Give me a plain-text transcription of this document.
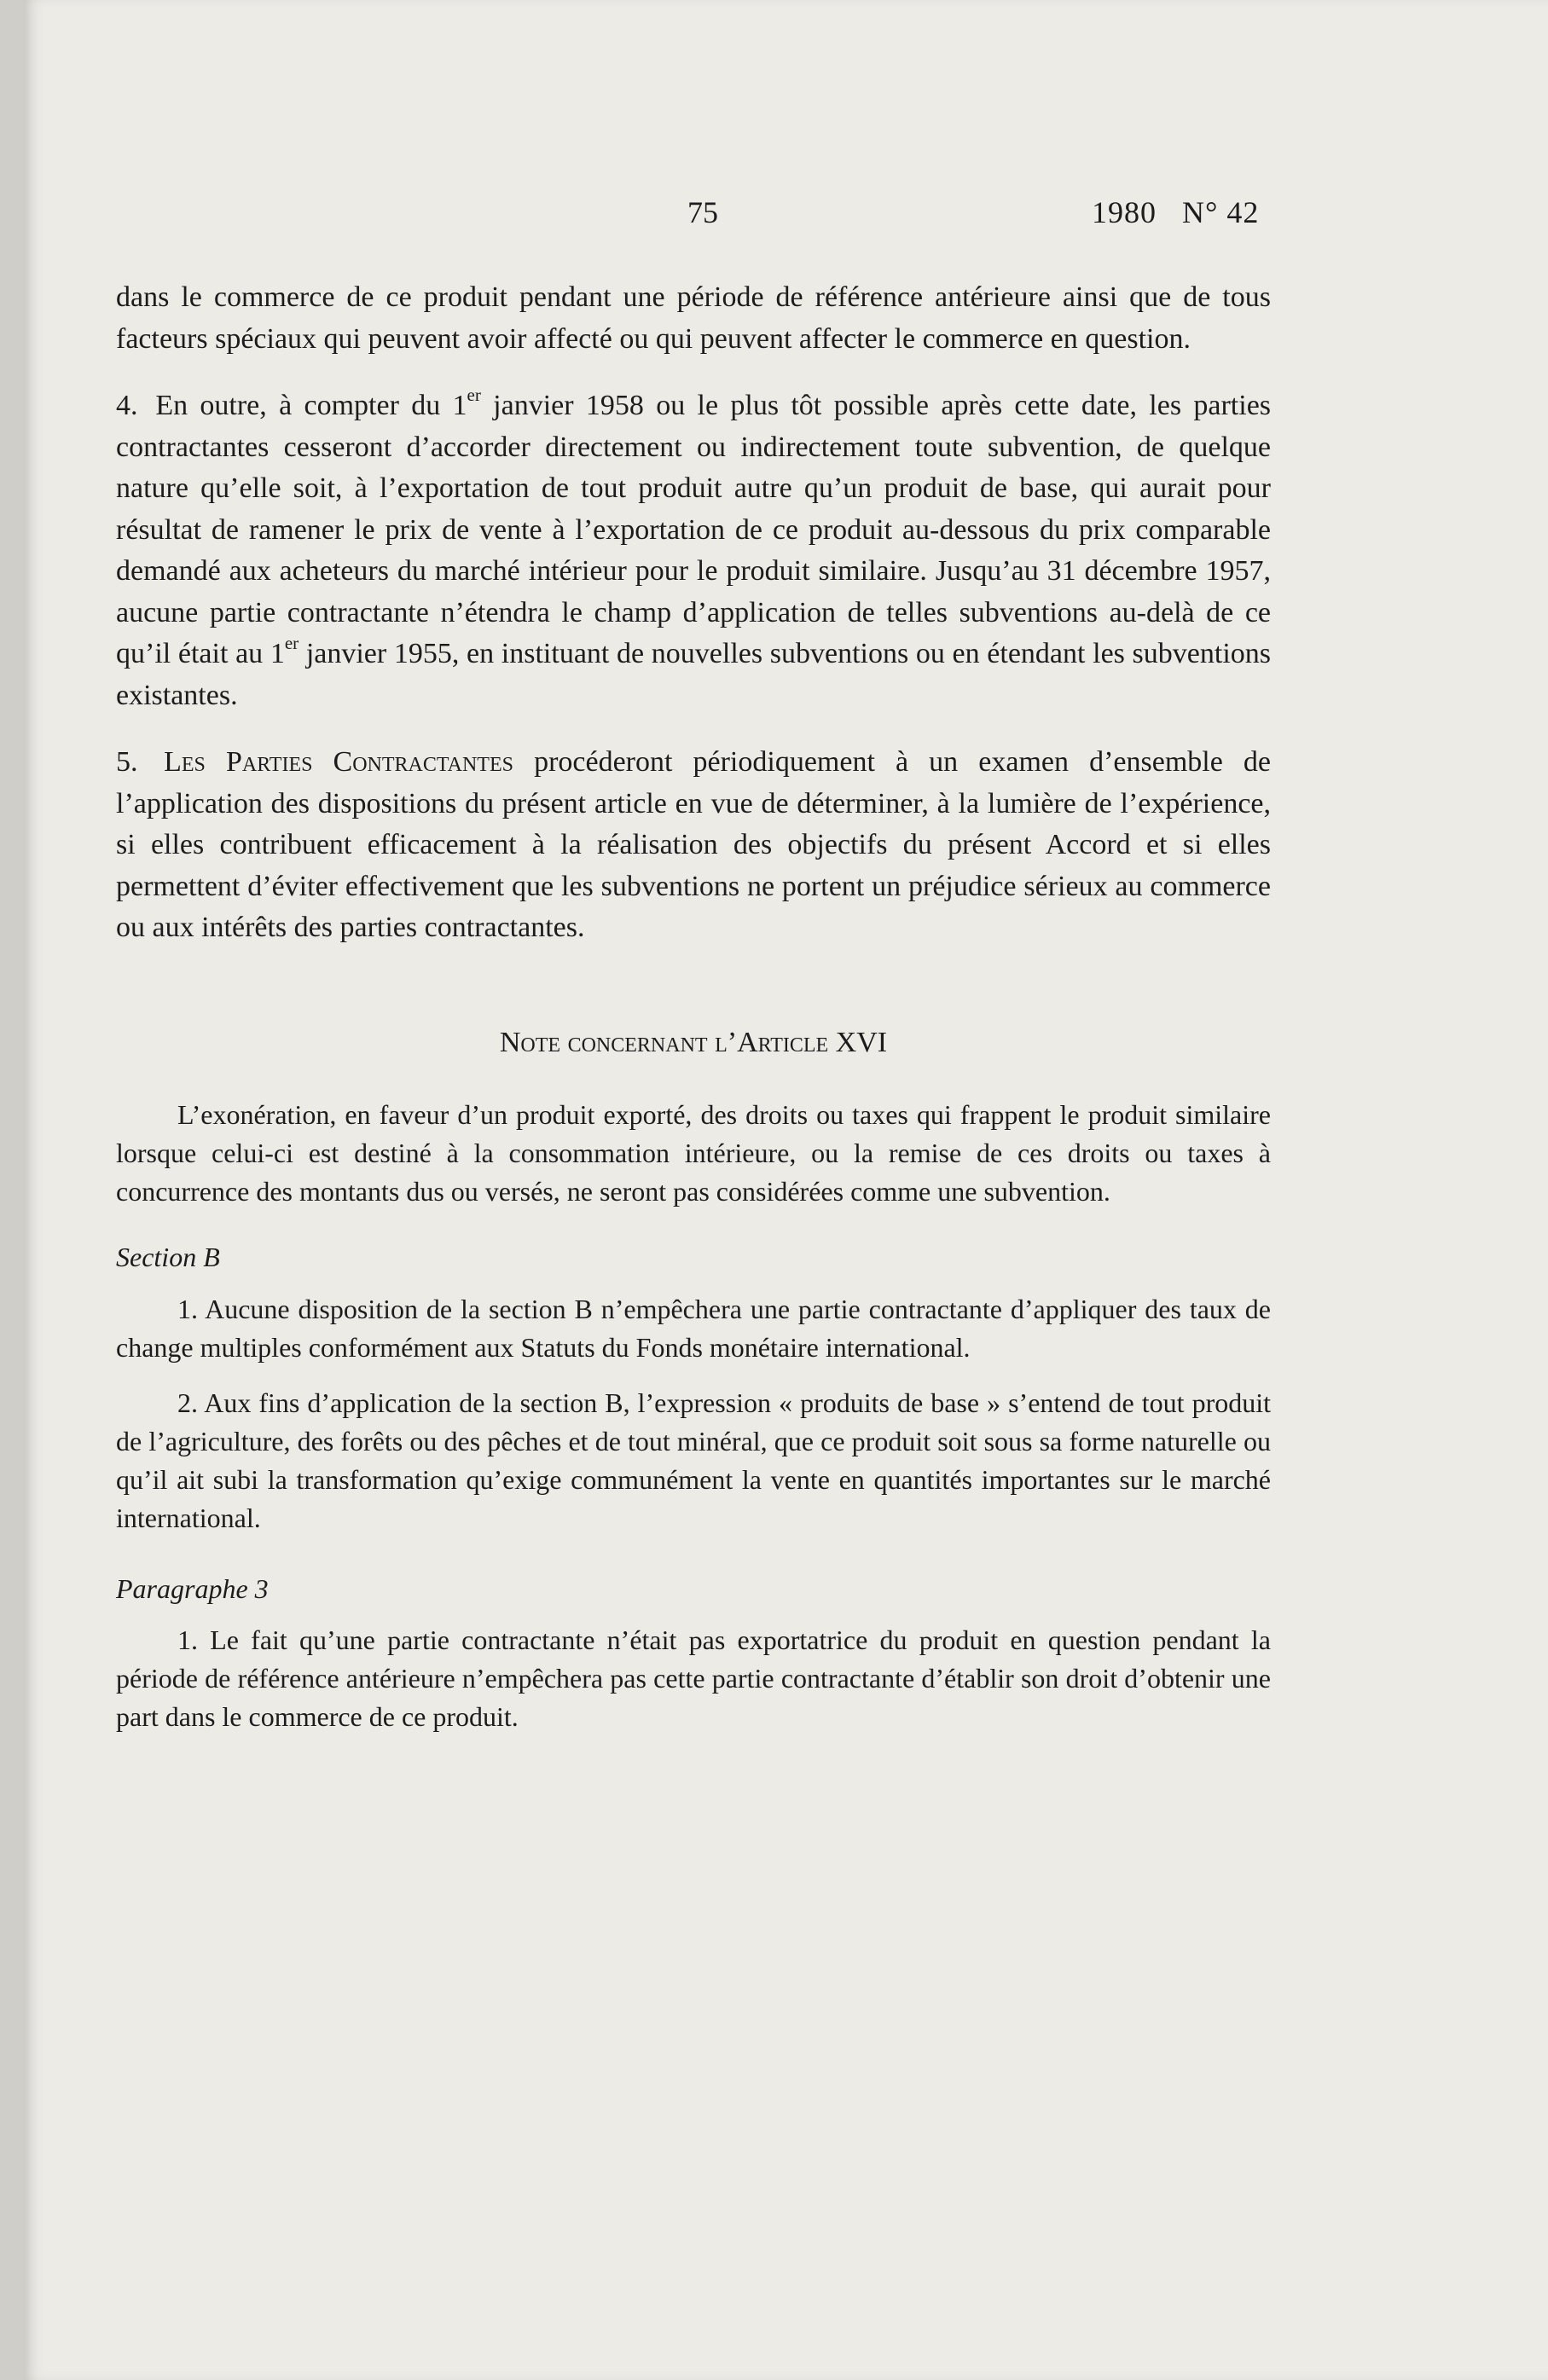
75	1980 N° 42

dans le commerce de ce produit pendant une période de référence antérieure ainsi que de tous facteurs spéciaux qui peuvent avoir affecté ou qui peuvent affecter le commerce en question.

4. En outre, à compter du 1er janvier 1958 ou le plus tôt possible après cette date, les parties contractantes cesseront d’accorder directement ou indirectement toute subvention, de quelque nature qu’elle soit, à l’exportation de tout produit autre qu’un produit de base, qui aurait pour résultat de ramener le prix de vente à l’exportation de ce produit au-dessous du prix comparable demandé aux acheteurs du marché intérieur pour le produit similaire. Jusqu’au 31 décembre 1957, aucune partie contractante n’étendra le champ d’application de telles subventions au-delà de ce qu’il était au 1er janvier 1955, en instituant de nouvelles subventions ou en étendant les subventions existantes.

5. Les Parties Contractantes procéderont périodiquement à un examen d’ensemble de l’application des dispositions du présent article en vue de déterminer, à la lumière de l’expérience, si elles contribuent efficacement à la réalisation des objectifs du présent Accord et si elles permettent d’éviter effectivement que les subventions ne portent un préjudice sérieux au commerce ou aux intérêts des parties contractantes.

Note concernant l’Article XVI

L’exonération, en faveur d’un produit exporté, des droits ou taxes qui frappent le produit similaire lorsque celui-ci est destiné à la consommation intérieure, ou la remise de ces droits ou taxes à concurrence des montants dus ou versés, ne seront pas considérées comme une subvention.

Section B

1. Aucune disposition de la section B n’empêchera une partie contractante d’appliquer des taux de change multiples conformément aux Statuts du Fonds monétaire international.

2. Aux fins d’application de la section B, l’expression « produits de base » s’entend de tout produit de l’agriculture, des forêts ou des pêches et de tout minéral, que ce produit soit sous sa forme naturelle ou qu’il ait subi la transformation qu’exige communément la vente en quantités importantes sur le marché international.

Paragraphe 3

1. Le fait qu’une partie contractante n’était pas exportatrice du produit en question pendant la période de référence antérieure n’empêchera pas cette partie contractante d’établir son droit d’obtenir une part dans le commerce de ce produit.
